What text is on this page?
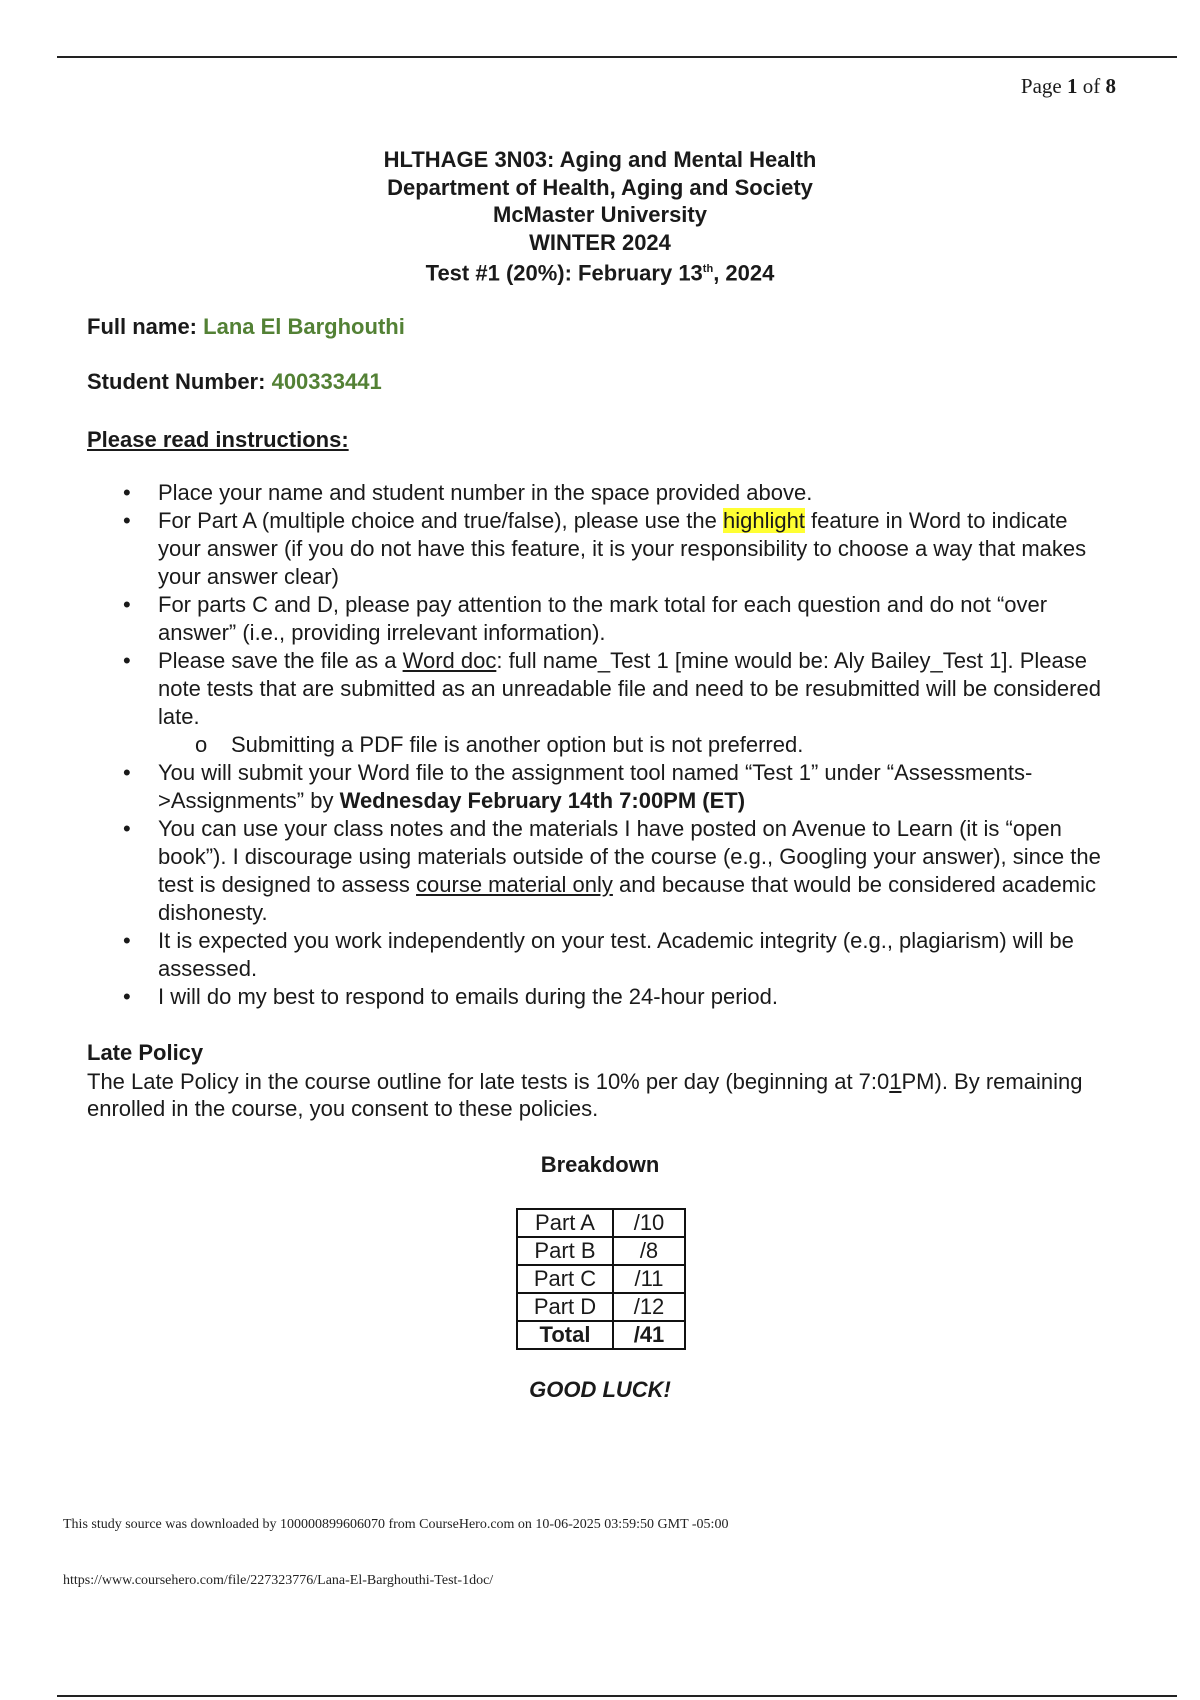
Page 1 of 8
HLTHAGE 3N03: Aging and Mental Health
Department of Health, Aging and Society
McMaster University
WINTER 2024
Test #1 (20%): February 13th, 2024
Full name: Lana El Barghouthi
Student Number: 400333441
Please read instructions:
• Place your name and student number in the space provided above.
• For Part A (multiple choice and true/false), please use the highlight feature in Word to indicate your answer (if you do not have this feature, it is your responsibility to choose a way that makes your answer clear)
• For parts C and D, please pay attention to the mark total for each question and do not “over answer” (i.e., providing irrelevant information).
• Please save the file as a Word doc: full name_Test 1 [mine would be: Aly Bailey_Test 1]. Please note tests that are submitted as an unreadable file and need to be resubmitted will be considered late.
o Submitting a PDF file is another option but is not preferred.
• You will submit your Word file to the assignment tool named “Test 1” under “Assessments->Assignments” by Wednesday February 14th 7:00PM (ET)
• You can use your class notes and the materials I have posted on Avenue to Learn (it is “open book”). I discourage using materials outside of the course (e.g., Googling your answer), since the test is designed to assess course material only and because that would be considered academic dishonesty.
• It is expected you work independently on your test. Academic integrity (e.g., plagiarism) will be assessed.
• I will do my best to respond to emails during the 24-hour period.
Late Policy
The Late Policy in the course outline for late tests is 10% per day (beginning at 7:01PM). By remaining enrolled in the course, you consent to these policies.
Breakdown
Part A	/10
Part B	/8
Part C	/11
Part D	/12
Total	/41
GOOD LUCK!
This study source was downloaded by 100000899606070 from CourseHero.com on 10-06-2025 03:59:50 GMT -05:00
https://www.coursehero.com/file/227323776/Lana-El-Barghouthi-Test-1doc/
